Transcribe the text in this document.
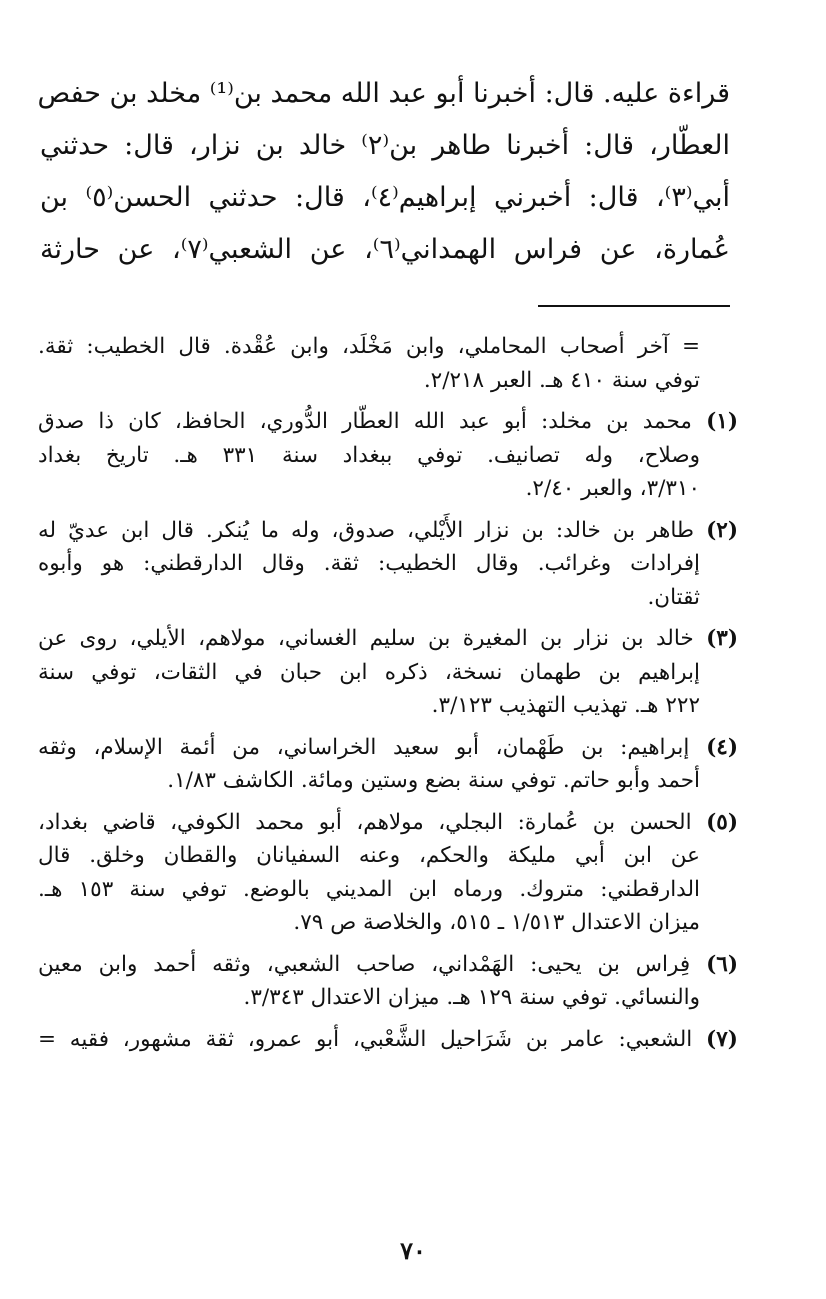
قراءة عليه. قال: أخبرنا أبو عبد الله محمد بن⁽¹⁾ مخلد بن حفص
العطّار، قال: أخبرنا طاهر بن⁽٢⁾ خالد بن نزار، قال: حدثني
أبي⁽٣⁾، قال: أخبرني إبراهيم⁽٤⁾، قال: حدثني الحسن⁽٥⁾ بن
عُمارة، عن فراس الهمداني⁽٦⁾، عن الشعبي⁽٧⁾، عن حارثة
= آخر أصحاب المحاملي، وابن مَخْلَد، وابن عُقْدة. قال الخطيب: ثقة.
توفي سنة ٤١٠ هـ. العبر ٢/٢١٨.
(١) محمد بن مخلد: أبو عبد الله العطّار الدُّوري، الحافظ، كان ذا صدق
وصلاح، وله تصانيف. توفي ببغداد سنة ٣٣١ هـ. تاريخ بغداد
٣/٣١٠، والعبر ٢/٤٠.
(٢) طاهر بن خالد: بن نزار الأَيْلي، صدوق، وله ما يُنكر. قال ابن عديّ له
إفرادات وغرائب. وقال الخطيب: ثقة. وقال الدارقطني: هو وأبوه
ثقتان.
(٣) خالد بن نزار بن المغيرة بن سليم الغساني، مولاهم، الأيلي، روى عن
إبراهيم بن طهمان نسخة، ذكره ابن حبان في الثقات، توفي سنة
٢٢٢ هـ. تهذيب التهذيب ٣/١٢٣.
(٤) إبراهيم: بن طَهْمان، أبو سعيد الخراساني، من أئمة الإسلام، وثقه
أحمد وأبو حاتم. توفي سنة بضع وستين ومائة. الكاشف ١/٨٣.
(٥) الحسن بن عُمارة: البجلي، مولاهم، أبو محمد الكوفي، قاضي بغداد،
عن ابن أبي مليكة والحكم، وعنه السفيانان والقطان وخلق. قال
الدارقطني: متروك. ورماه ابن المديني بالوضع. توفي سنة ١٥٣ هـ.
ميزان الاعتدال ١/٥١٣ ـ ٥١٥، والخلاصة ص ٧٩.
(٦) فِراس بن يحيى: الهَمْداني، صاحب الشعبي، وثقه أحمد وابن معين
والنسائي. توفي سنة ١٢٩ هـ. ميزان الاعتدال ٣/٣٤٣.
(٧) الشعبي: عامر بن شَرَاحيل الشَّعْبي، أبو عمرو، ثقة مشهور، فقيه =
٧٠
